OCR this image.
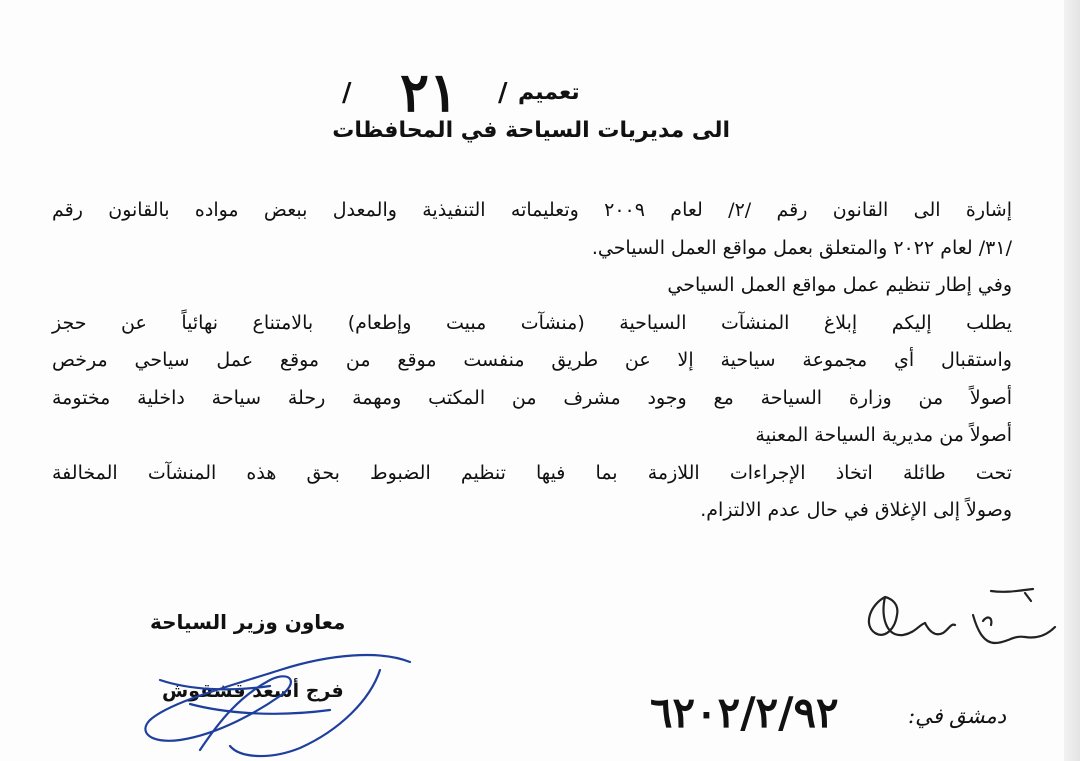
/ ٢١ / تعميم
الى مديريات السياحة في المحافظات

إشارة الى القانون رقم /٢/ لعام ٢٠٠٩ وتعليماته التنفيذية والمعدل ببعض مواده بالقانون رقم

/٣١/ لعام ٢٠٢٢ والمتعلق بعمل مواقع العمل السياحي.

وفي إطار تنظيم عمل مواقع العمل السياحي

يطلب إليكم إبلاغ المنشآت السياحية (منشآت مبيت وإطعام) بالامتناع نهائياً عن حجز

واستقبال أي مجموعة سياحية إلا عن طريق منفست موقع من موقع عمل سياحي مرخص

أصولاً من وزارة السياحة مع وجود مشرف من المكتب ومهمة رحلة سياحة داخلية مختومة

أصولاً من مديرية السياحة المعنية

تحت طائلة اتخاذ الإجراءات اللازمة بما فيها تنظيم الضبوط بحق هذه المنشآت المخالفة

وصولاً إلى الإغلاق في حال عدم الالتزام.

معاون وزير السياحة
فرج أسعد قشقوش	٢٩/٢/٢٠٢٦	دمشق في:
